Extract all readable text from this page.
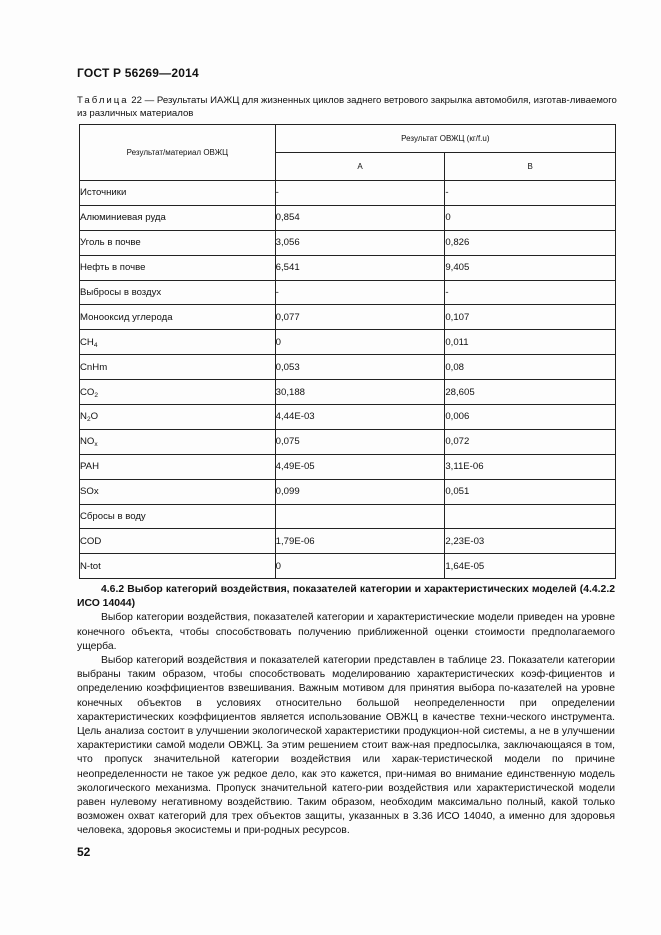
ГОСТ Р 56269—2014
Таблица 22 — Результаты ИАЖЦ для жизненных циклов заднего ветрового закрылка автомобиля, изготав-ливаемого из различных материалов
Результат/материал ОВЖЦ	Результат ОВЖЦ (кг/f.u)	
	A	B
Источники	-	-
Алюминиевая руда	0,854	0
Уголь в почве	3,056	0,826
Нефть в почве	6,541	9,405
Выбросы в воздух	-	-
Монооксид углерода	0,077	0,107
$CH_4$	0	0,011
CnHm	0,053	0,08
$CO_2$	30,188	28,605
$N_2O$	4,44E-03	0,006
$NO_x$	0,075	0,072
PAH	4,49E-05	3,11E-06
SOx	0,099	0,051
Сбросы в воду		
COD	1,79E-06	2,23E-03
N-tot	0	1,64E-05

4.6.2 Выбор категорий воздействия, показателей категории и характеристических моделей (4.4.2.2 ИСО 14044)

Выбор категории воздействия, показателей категории и характеристические модели приведен на уровне конечного объекта, чтобы способствовать получению приближенной оценки стоимости предполагаемого ущерба.

Выбор категорий воздействия и показателей категории представлен в таблице 23. Показатели категории выбраны таким образом, чтобы способствовать моделированию характеристических коэф-фициентов и определению коэффициентов взвешивания. Важным мотивом для принятия выбора по-казателей на уровне конечных объектов в условиях относительно большой неопределенности при определении характеристических коэффициентов является использование ОВЖЦ в качестве техни-ческого инструмента. Цель анализа состоит в улучшении экологической характеристики продукцион-ной системы, а не в улучшении характеристики самой модели ОВЖЦ. За этим решением стоит важ-ная предпосылка, заключающаяся в том, что пропуск значительной категории воздействия или харак-теристической модели по причине неопределенности не такое уж редкое дело, как это кажется, при-нимая во внимание единственную модель экологического механизма. Пропуск значительной катего-рии воздействия или характеристической модели равен нулевому негативному воздействию. Таким образом, необходим максимально полный, какой только возможен охват категорий для трех объектов защиты, указанных в 3.36 ИСО 14040, а именно для здоровья человека, здоровья экосистемы и при-родных ресурсов.

52
